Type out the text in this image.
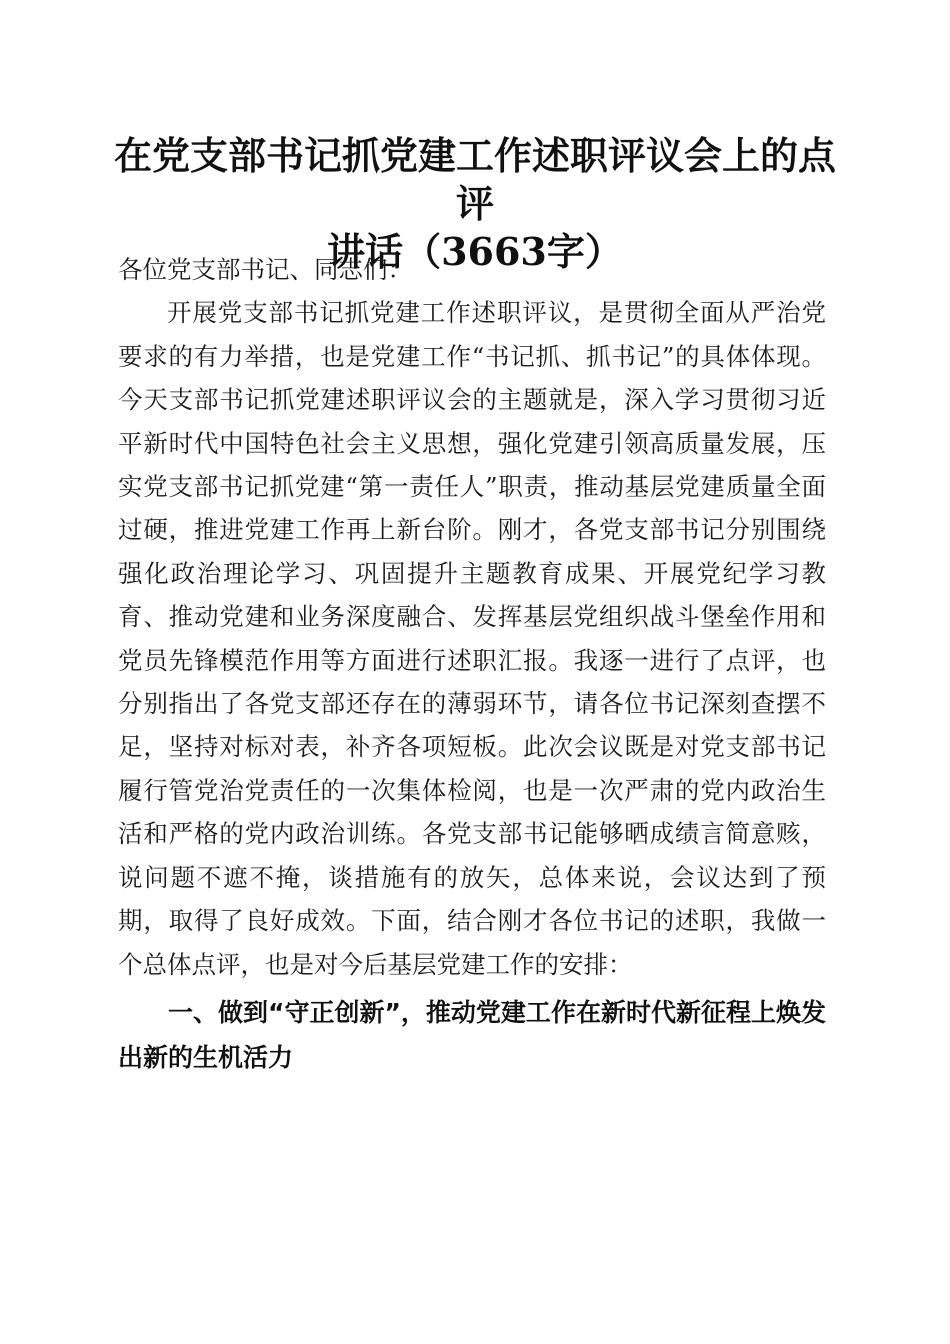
在党支部书记抓党建工作述职评议会上的点评
讲话（3663字）

各位党支部书记、同志们：

开展党支部书记抓党建工作述职评议，是贯彻全面从严治党要求的有力举措，也是党建工作“书记抓、抓书记”的具体体现。今天支部书记抓党建述职评议会的主题就是，深入学习贯彻习近平新时代中国特色社会主义思想，强化党建引领高质量发展，压实党支部书记抓党建“第一责任人”职责，推动基层党建质量全面过硬，推进党建工作再上新台阶。刚才，各党支部书记分别围绕强化政治理论学习、巩固提升主题教育成果、开展党纪学习教育、推动党建和业务深度融合、发挥基层党组织战斗堡垒作用和党员先锋模范作用等方面进行述职汇报。我逐一进行了点评，也分别指出了各党支部还存在的薄弱环节，请各位书记深刻查摆不足，坚持对标对表，补齐各项短板。此次会议既是对党支部书记履行管党治党责任的一次集体检阅，也是一次严肃的党内政治生活和严格的党内政治训练。各党支部书记能够晒成绩言简意赅，说问题不遮不掩，谈措施有的放矢，总体来说，会议达到了预期，取得了良好成效。下面，结合刚才各位书记的述职，我做一个总体点评，也是对今后基层党建工作的安排：

一、做到“守正创新”，推动党建工作在新时代新征程上焕发出新的生机活力
